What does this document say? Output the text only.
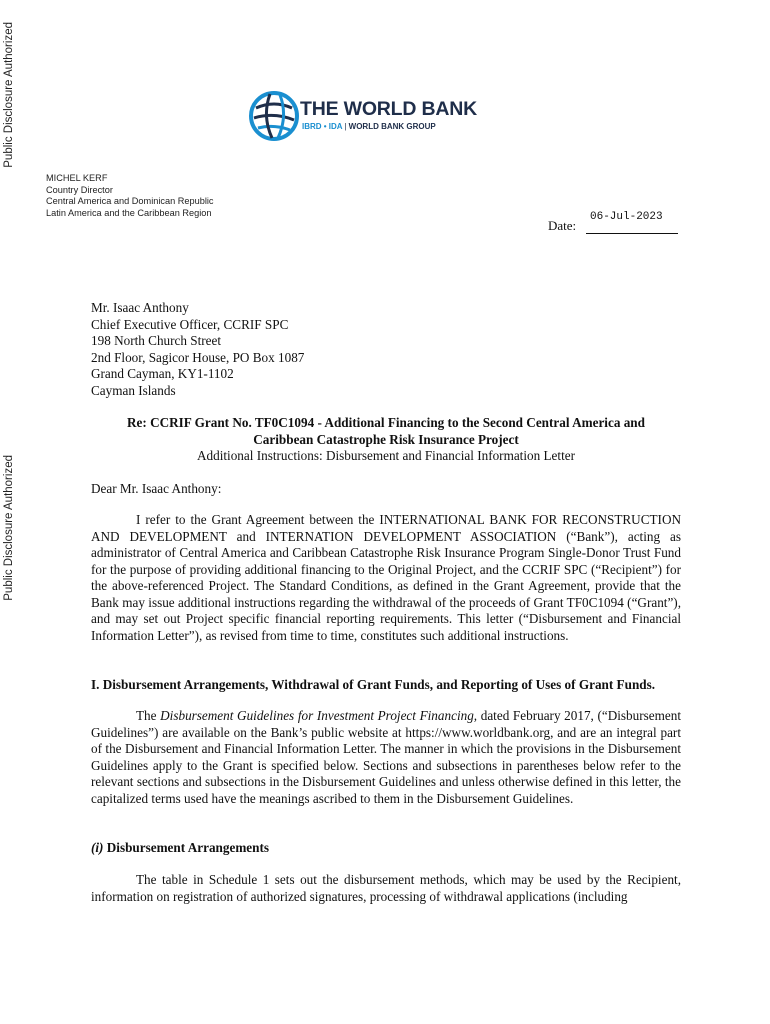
Public Disclosure Authorized
Public Disclosure Authorized
THE WORLD BANK
IBRD • IDA | WORLD BANK GROUP
MICHEL KERF
Country Director
Central America and Dominican Republic
Latin America and the Caribbean Region	06-Jul-2023
Date:
Mr. Isaac Anthony
Chief Executive Officer, CCRIF SPC
198 North Church Street
2nd Floor, Sagicor House, PO Box 1087
Grand Cayman, KY1-1102
Cayman Islands
Re: CCRIF Grant No. TF0C1094 - Additional Financing to the Second Central America and
Caribbean Catastrophe Risk Insurance Project
Additional Instructions: Disbursement and Financial Information Letter
Dear Mr. Isaac Anthony:

I refer to the Grant Agreement between the INTERNATIONAL BANK FOR RECONSTRUCTION AND DEVELOPMENT and INTERNATION DEVELOPMENT ASSOCIATION (“Bank”), acting as administrator of Central America and Caribbean Catastrophe Risk Insurance Program Single-Donor Trust Fund for the purpose of providing additional financing to the Original Project, and the CCRIF SPC (“Recipient”) for the above-referenced Project. The Standard Conditions, as defined in the Grant Agreement, provide that the Bank may issue additional instructions regarding the withdrawal of the proceeds of Grant TF0C1094 (“Grant”), and may set out Project specific financial reporting requirements. This letter (“Disbursement and Financial Information Letter”), as revised from time to time, constitutes such additional instructions.

I. Disbursement Arrangements, Withdrawal of Grant Funds, and Reporting of Uses of Grant Funds.

The Disbursement Guidelines for Investment Project Financing, dated February 2017, (“Disbursement Guidelines”) are available on the Bank’s public website at https://www.worldbank.org, and are an integral part of the Disbursement and Financial Information Letter. The manner in which the provisions in the Disbursement Guidelines apply to the Grant is specified below. Sections and subsections in parentheses below refer to the relevant sections and subsections in the Disbursement Guidelines and unless otherwise defined in this letter, the capitalized terms used have the meanings ascribed to them in the Disbursement Guidelines.

(i) Disbursement Arrangements

The table in Schedule 1 sets out the disbursement methods, which may be used by the Recipient, information on registration of authorized signatures, processing of withdrawal applications (including
